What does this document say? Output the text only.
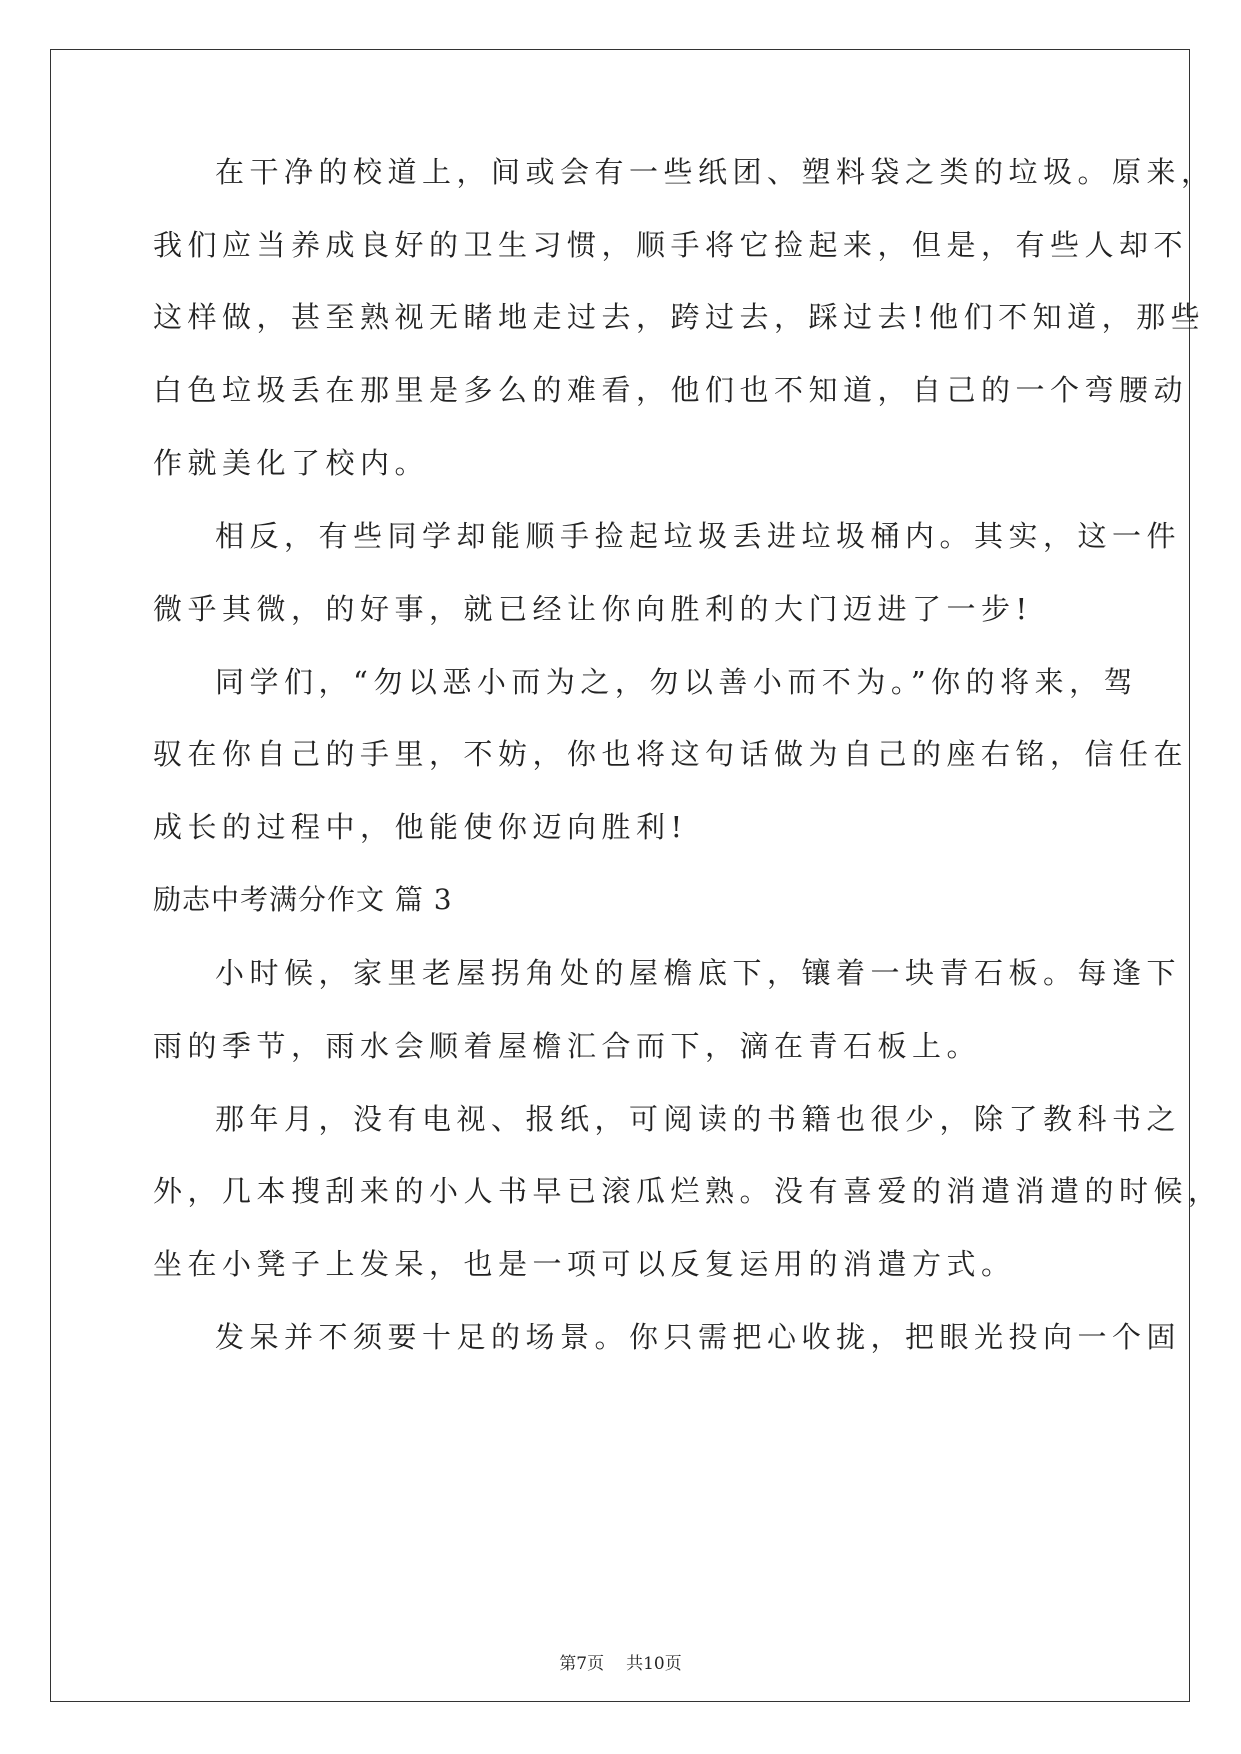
在干净的校道上，间或会有一些纸团、塑料袋之类的垃圾。原来，
我们应当养成良好的卫生习惯，顺手将它捡起来，但是，有些人却不
这样做，甚至熟视无睹地走过去，跨过去，踩过去!他们不知道，那些
白色垃圾丢在那里是多么的难看，他们也不知道，自己的一个弯腰动
作就美化了校内。
相反，有些同学却能顺手捡起垃圾丢进垃圾桶内。其实，这一件
微乎其微，的好事，就已经让你向胜利的大门迈进了一步!
同学们，“勿以恶小而为之，勿以善小而不为。”你的将来，驾
驭在你自己的手里，不妨，你也将这句话做为自己的座右铭，信任在
成长的过程中，他能使你迈向胜利!
励志中考满分作文 篇 3
小时候，家里老屋拐角处的屋檐底下，镶着一块青石板。每逢下
雨的季节，雨水会顺着屋檐汇合而下，滴在青石板上。
那年月，没有电视、报纸，可阅读的书籍也很少，除了教科书之
外，几本搜刮来的小人书早已滚瓜烂熟。没有喜爱的消遣消遣的时候，
坐在小凳子上发呆，也是一项可以反复运用的消遣方式。
发呆并不须要十足的场景。你只需把心收拢，把眼光投向一个固
第7页 共10页
